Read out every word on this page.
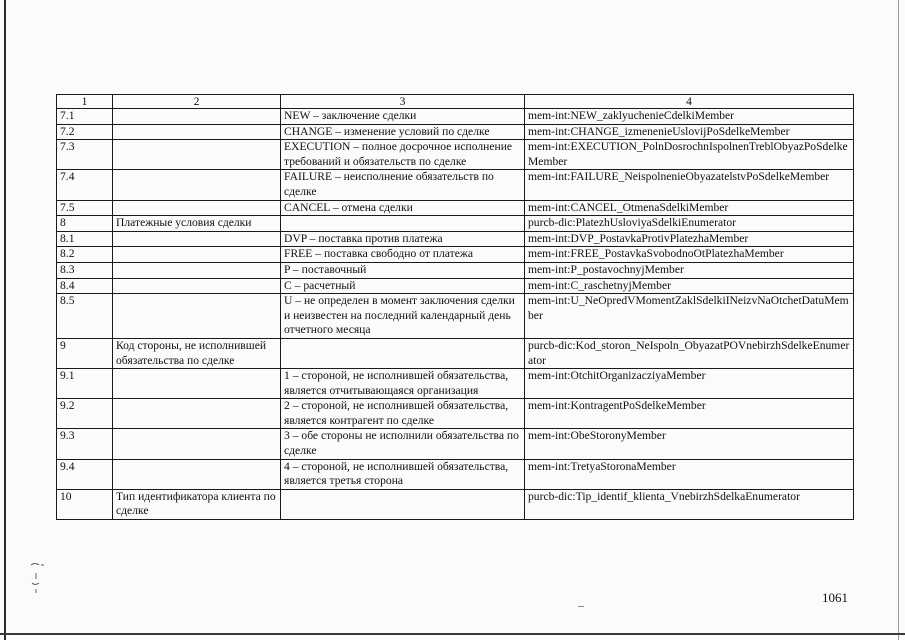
1	2	3	4
7.1		NEW – заключение сделки	mem-int:NEW_zaklyuchenieCdelkiMember
7.2		CHANGE – изменение условий по сделке	mem-int:CHANGE_izmenenieUslovijPoSdelkeMember
7.3		EXECUTION – полное досрочное исполнение требований и обязательств по сделке	mem-int:EXECUTION_PolnDosrochnIspolnenTreblObyazPoSdelkeMember
7.4		FAILURE – неисполнение обязательств по сделке	mem-int:FAILURE_NeispolnenieObyazatelstvPoSdelkeMember
7.5		CANCEL – отмена сделки	mem-int:CANCEL_OtmenaSdelkiMember
8	Платежные условия сделки		purcb-dic:PlatezhUsloviyaSdelkiEnumerator
8.1		DVP – поставка против платежа	mem-int:DVP_PostavkaProtivPlatezhaMember
8.2		FREE – поставка свободно от платежа	mem-int:FREE_PostavkaSvobodnoOtPlatezhaMember
8.3		P – поставочный	mem-int:P_postavochnyjMember
8.4		C – расчетный	mem-int:C_raschetnyjMember
8.5		U – не определен в момент заключения сделки и неизвестен на последний календарный день отчетного месяца	mem-int:U_NeOpredVMomentZaklSdelkiINeizvNaOtchetDatuMember
9	Код стороны, не исполнившей обязательства по сделке		purcb-dic:Kod_storon_NeIspoln_ObyazatPOVnebirzhSdelkeEnumerator
9.1		1 – стороной, не исполнившей обязательства, является отчитывающаяся организация	mem-int:OtchitOrganizacziyaMember
9.2		2 – стороной, не исполнившей обязательства, является контрагент по сделке	mem-int:KontragentPoSdelkeMember
9.3		3 – обе стороны не исполнили обязательства по сделке	mem-int:ObeStoronyMember
9.4		4 – стороной, не исполнившей обязательства, является третья сторона	mem-int:TretyaStoronaMember
10	Тип идентификатора клиента по сделке		purcb-dic:Tip_identif_klienta_VnebirzhSdelkaEnumerator
1061
